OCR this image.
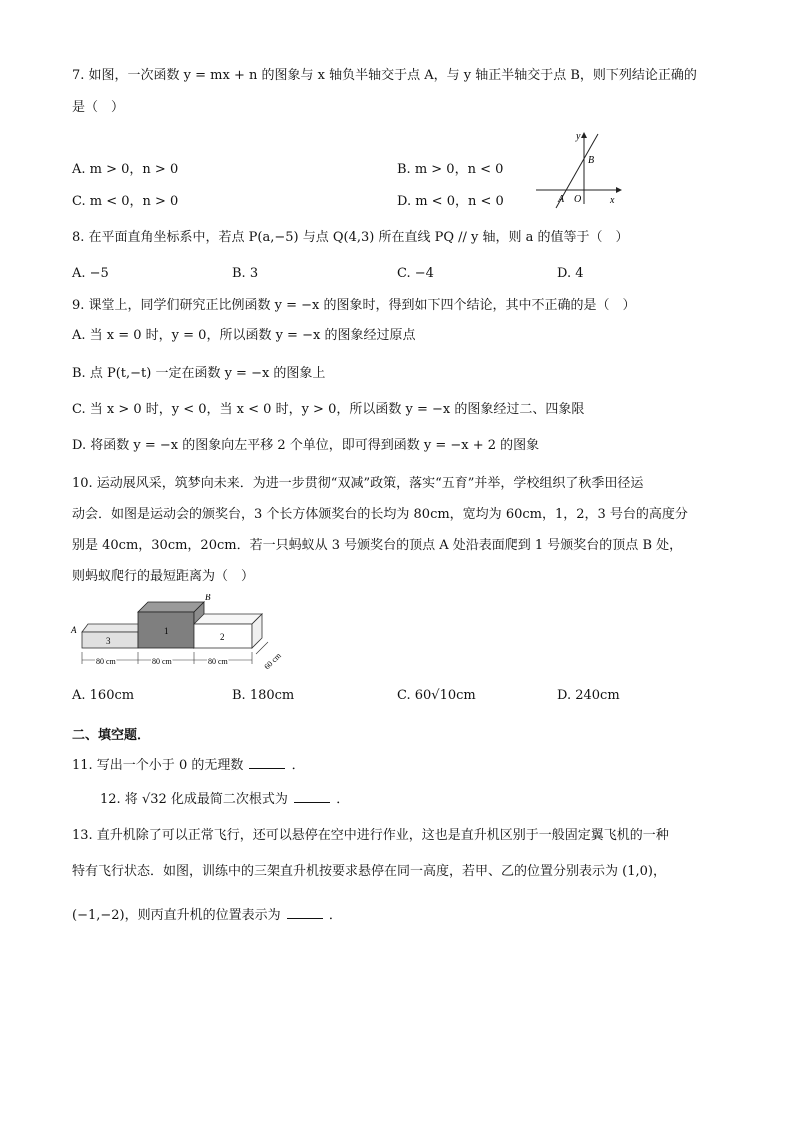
7. 如图，一次函数 y = mx + n 的图象与 x 轴负半轴交于点 A，与 y 轴正半轴交于点 B，则下列结论正确的
是（　）
A. m > 0，n > 0	B. m > 0，n < 0
C. m < 0，n > 0	D. m < 0，n < 0
y
x
A O
B
8. 在平面直角坐标系中，若点 P(a,−5) 与点 Q(4,3) 所在直线 PQ // y 轴，则 a 的值等于（　）
A. −5	B. 3	C. −4	D. 4
9. 课堂上，同学们研究正比例函数 y = −x 的图象时，得到如下四个结论，其中不正确的是（　）
A. 当 x = 0 时，y = 0，所以函数 y = −x 的图象经过原点
B. 点 P(t,−t) 一定在函数 y = −x 的图象上
C. 当 x > 0 时，y < 0，当 x < 0 时，y > 0，所以函数 y = −x 的图象经过二、四象限
D. 将函数 y = −x 的图象向左平移 2 个单位，即可得到函数 y = −x + 2 的图象
10. 运动展风采，筑梦向未来．为进一步贯彻“双减”政策，落实“五育”并举，学校组织了秋季田径运
动会．如图是运动会的颁奖台，3 个长方体颁奖台的长均为 80cm，宽均为 60cm，1，2，3 号台的高度分
别是 40cm，30cm，20cm．若一只蚂蚁从 3 号颁奖台的顶点 A 处沿表面爬到 1 号颁奖台的顶点 B 处，
则蚂蚁爬行的最短距离为（　）
3
1
2
A
B
80 cm	80 cm	80 cm	60 cm
A. 160cm	B. 180cm	C. 60√10cm	D. 240cm
二、填空题．
11. 写出一个小于 0 的无理数	．
12. 将 √32 化成最简二次根式为	．
13. 直升机除了可以正常飞行，还可以悬停在空中进行作业，这也是直升机区别于一般固定翼飞机的一种
特有飞行状态．如图，训练中的三架直升机按要求悬停在同一高度，若甲、乙的位置分别表示为 (1,0)，
(−1,−2)，则丙直升机的位置表示为	．
